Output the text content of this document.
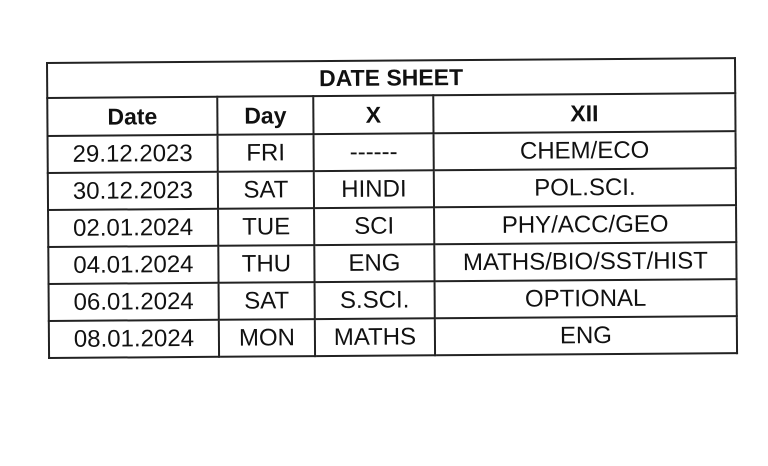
DATE SHEET			
Date	Day	X	XII
29.12.2023	FRI	------	CHEM/ECO
30.12.2023	SAT	HINDI	POL.SCI.
02.01.2024	TUE	SCI	PHY/ACC/GEO
04.01.2024	THU	ENG	MATHS/BIO/SST/HIST
06.01.2024	SAT	S.SCI.	OPTIONAL
08.01.2024	MON	MATHS	ENG
